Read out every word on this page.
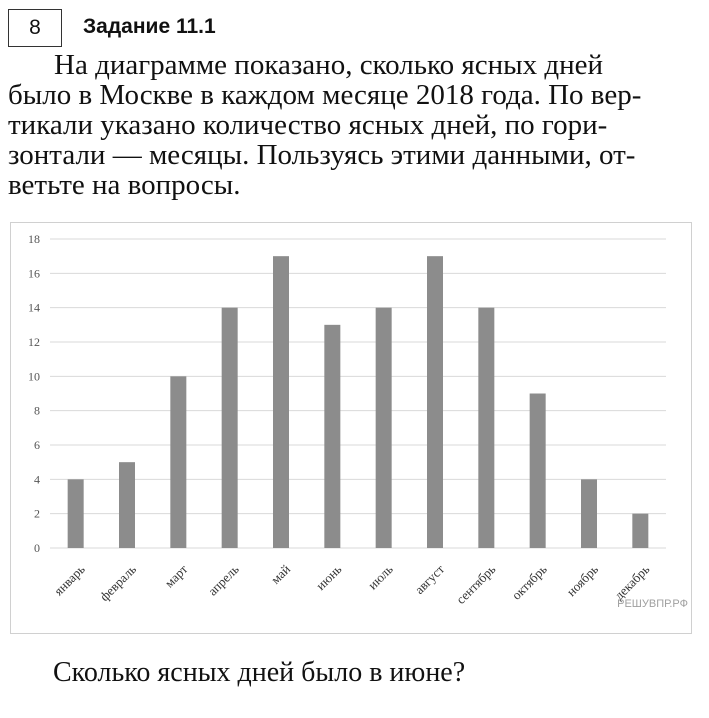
8 Задание 11.1
На диаграмме показано, сколько ясных дней
было в Москве в каждом месяце 2018 года. По вер-
тикали указано количество ясных дней, по гори-
зонтали — месяцы. Пользуясь этими данными, от-
ветьте на вопросы.
0
2
4
6
8
10
12
14
16
18
январь февраль март апрель май июнь июль август сентябрь октябрь ноябрь декабрь
РЕШУВПР.РФ
Сколько ясных дней было в июне?
